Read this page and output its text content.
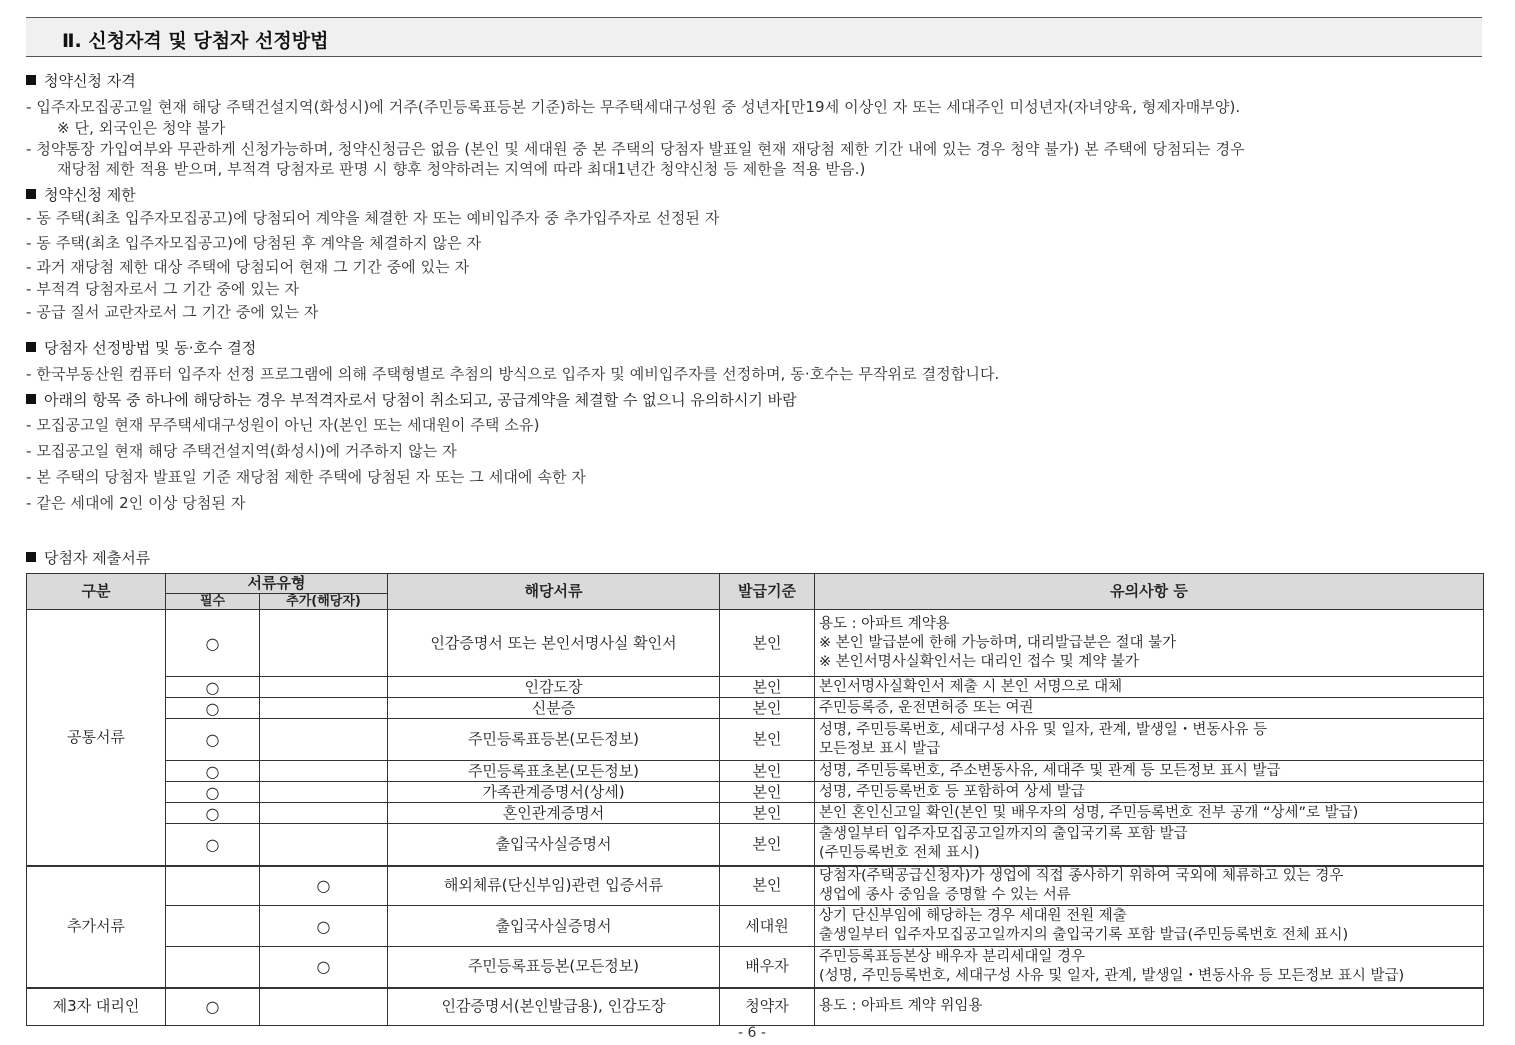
Ⅱ. 신청자격 및 당첨자 선정방법
청약신청 자격
- 입주자모집공고일 현재 해당 주택건설지역(화성시)에 거주(주민등록표등본 기준)하는 무주택세대구성원 중 성년자[만19세 이상인 자 또는 세대주인 미성년자(자녀양육, 형제자매부양).
※ 단, 외국인은 청약 불가
- 청약통장 가입여부와 무관하게 신청가능하며, 청약신청금은 없음 (본인 및 세대원 중 본 주택의 당첨자 발표일 현재 재당첨 제한 기간 내에 있는 경우 청약 불가) 본 주택에 당첨되는 경우
재당첨 제한 적용 받으며, 부적격 당첨자로 판명 시 향후 청약하려는 지역에 따라 최대1년간 청약신청 등 제한을 적용 받음.)
청약신청 제한
- 동 주택(최초 입주자모집공고)에 당첨되어 계약을 체결한 자 또는 예비입주자 중 추가입주자로 선정된 자
- 동 주택(최초 입주자모집공고)에 당첨된 후 계약을 체결하지 않은 자
- 과거 재당첨 제한 대상 주택에 당첨되어 현재 그 기간 중에 있는 자
- 부적격 당첨자로서 그 기간 중에 있는 자
- 공급 질서 교란자로서 그 기간 중에 있는 자
당첨자 선정방법 및 동·호수 결정
- 한국부동산원 컴퓨터 입주자 선정 프로그램에 의해 주택형별로 추첨의 방식으로 입주자 및 예비입주자를 선정하며, 동·호수는 무작위로 결정합니다.
아래의 항목 중 하나에 해당하는 경우 부적격자로서 당첨이 취소되고, 공급계약을 체결할 수 없으니 유의하시기 바람
- 모집공고일 현재 무주택세대구성원이 아닌 자(본인 또는 세대원이 주택 소유)
- 모집공고일 현재 해당 주택건설지역(화성시)에 거주하지 않는 자
- 본 주택의 당첨자 발표일 기준 재당첨 제한 주택에 당첨된 자 또는 그 세대에 속한 자
- 같은 세대에 2인 이상 당첨된 자
당첨자 제출서류
구분	서류유형		해당서류	발급기준	유의사항 등
	필수	추가(해당자)			
공통서류	○		인감증명서 또는 본인서명사실 확인서	본인	용도 : 아파트 계약용
※ 본인 발급분에 한해 가능하며, 대리발급분은 절대 불가
※ 본인서명사실확인서는 대리인 접수 및 계약 불가

	○		인감도장	본인	본인서명사실확인서 제출 시 본인 서명으로 대체
	○		신분증	본인	주민등록증, 운전면허증 또는 여권
	○		주민등록표등본(모든정보)	본인	성명, 주민등록번호, 세대구성 사유 및 일자, 관계, 발생일・변동사유 등
모든정보 표시 발급

	○		주민등록표초본(모든정보)	본인	성명, 주민등록번호, 주소변동사유, 세대주 및 관계 등 모든정보 표시 발급
	○		가족관계증명서(상세)	본인	성명, 주민등록번호 등 포함하여 상세 발급
	○		혼인관계증명서	본인	본인 혼인신고일 확인(본인 및 배우자의 성명, 주민등록번호 전부 공개 “상세”로 발급)
	○		출입국사실증명서	본인	출생일부터 입주자모집공고일까지의 출입국기록 포함 발급
(주민등록번호 전체 표시)

추가서류		○	해외체류(단신부임)관련 입증서류	본인	당첨자(주택공급신청자)가 생업에 직접 종사하기 위하여 국외에 체류하고 있는 경우
생업에 종사 중임을 증명할 수 있는 서류

		○	출입국사실증명서	세대원	상기 단신부임에 해당하는 경우 세대원 전원 제출
출생일부터 입주자모집공고일까지의 출입국기록 포함 발급(주민등록번호 전체 표시)

		○	주민등록표등본(모든정보)	배우자	주민등록표등본상 배우자 분리세대일 경우
(성명, 주민등록번호, 세대구성 사유 및 일자, 관계, 발생일・변동사유 등 모든정보 표시 발급)

제3자 대리인	○		인감증명서(본인발급용), 인감도장	청약자	용도 : 아파트 계약 위임용
- 6 -
